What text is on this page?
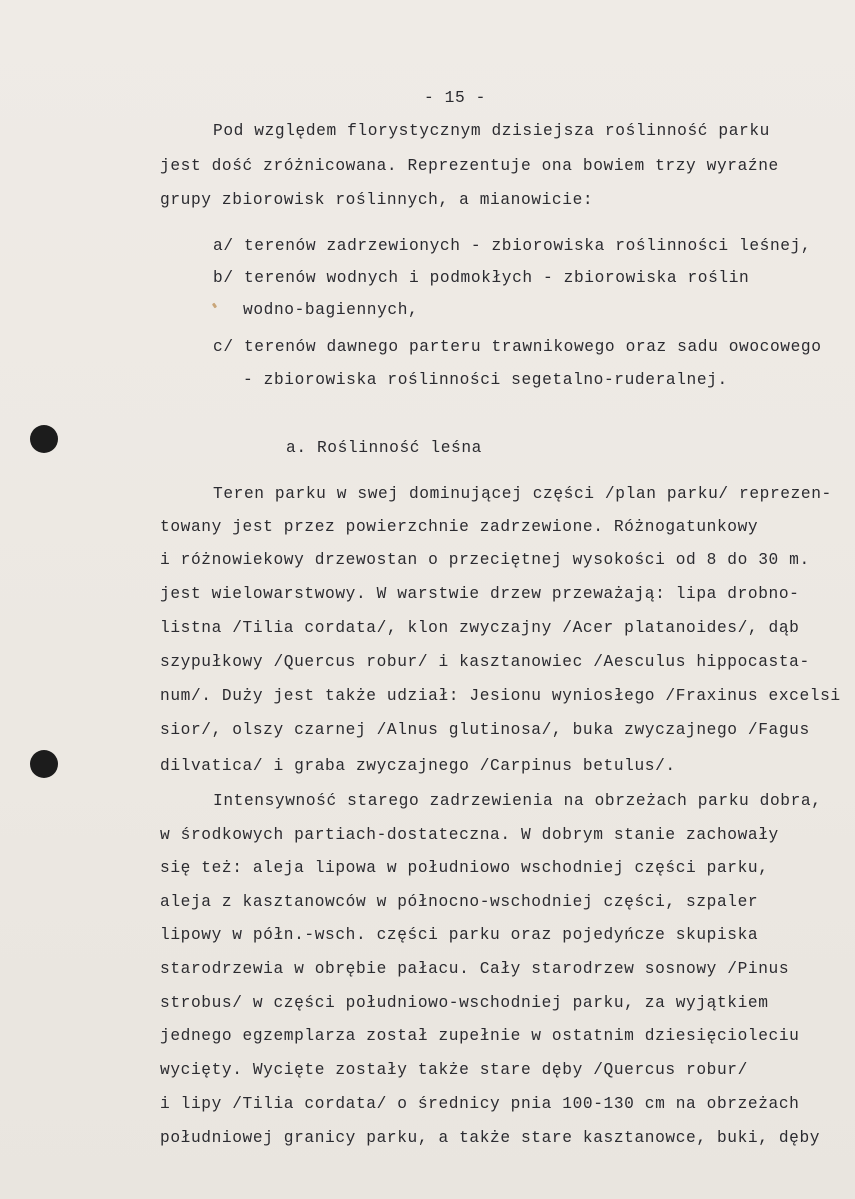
- 15 -
Pod względem florystycznym dzisiejsza roślinność parku
jest dość zróżnicowana. Reprezentuje ona bowiem trzy wyraźne
grupy zbiorowisk roślinnych, a mianowicie:
a/ terenów zadrzewionych - zbiorowiska roślinności leśnej,
b/ terenów wodnych i podmokłych - zbiorowiska roślin
wodno-bagiennych,
c/ terenów dawnego parteru trawnikowego oraz sadu owocowego
- zbiorowiska roślinności segetalno-ruderalnej.
a. Roślinność leśna
Teren parku w swej dominującej części /plan parku/ reprezen-
towany jest przez powierzchnie zadrzewione. Różnogatunkowy
i różnowiekowy drzewostan o przeciętnej wysokości od 8 do 30 m.
jest wielowarstwowy. W warstwie drzew przeważają: lipa drobno-
listna /Tilia cordata/, klon zwyczajny /Acer platanoides/, dąb
szypułkowy /Quercus robur/ i kasztanowiec /Aesculus hippocasta-
num/. Duży jest także udział: Jesionu wyniosłego /Fraxinus excelsi
sior/, olszy czarnej /Alnus glutinosa/, buka zwyczajnego /Fagus
dilvatica/ i graba zwyczajnego /Carpinus betulus/.
Intensywność starego zadrzewienia na obrzeżach parku dobra,
w środkowych partiach-dostateczna. W dobrym stanie zachowały
się też: aleja lipowa w południowo wschodniej części parku,
aleja z kasztanowców w północno-wschodniej części, szpaler
lipowy w półn.-wsch. części parku oraz pojedyńcze skupiska
starodrzewia w obrębie pałacu. Cały starodrzew sosnowy /Pinus
strobus/ w części południowo-wschodniej parku, za wyjątkiem
jednego egzemplarza został zupełnie w ostatnim dziesięcioleciu
wycięty. Wycięte zostały także stare dęby /Quercus robur/
i lipy /Tilia cordata/ o średnicy pnia 100-130 cm na obrzeżach
południowej granicy parku, a także stare kasztanowce, buki, dęby
